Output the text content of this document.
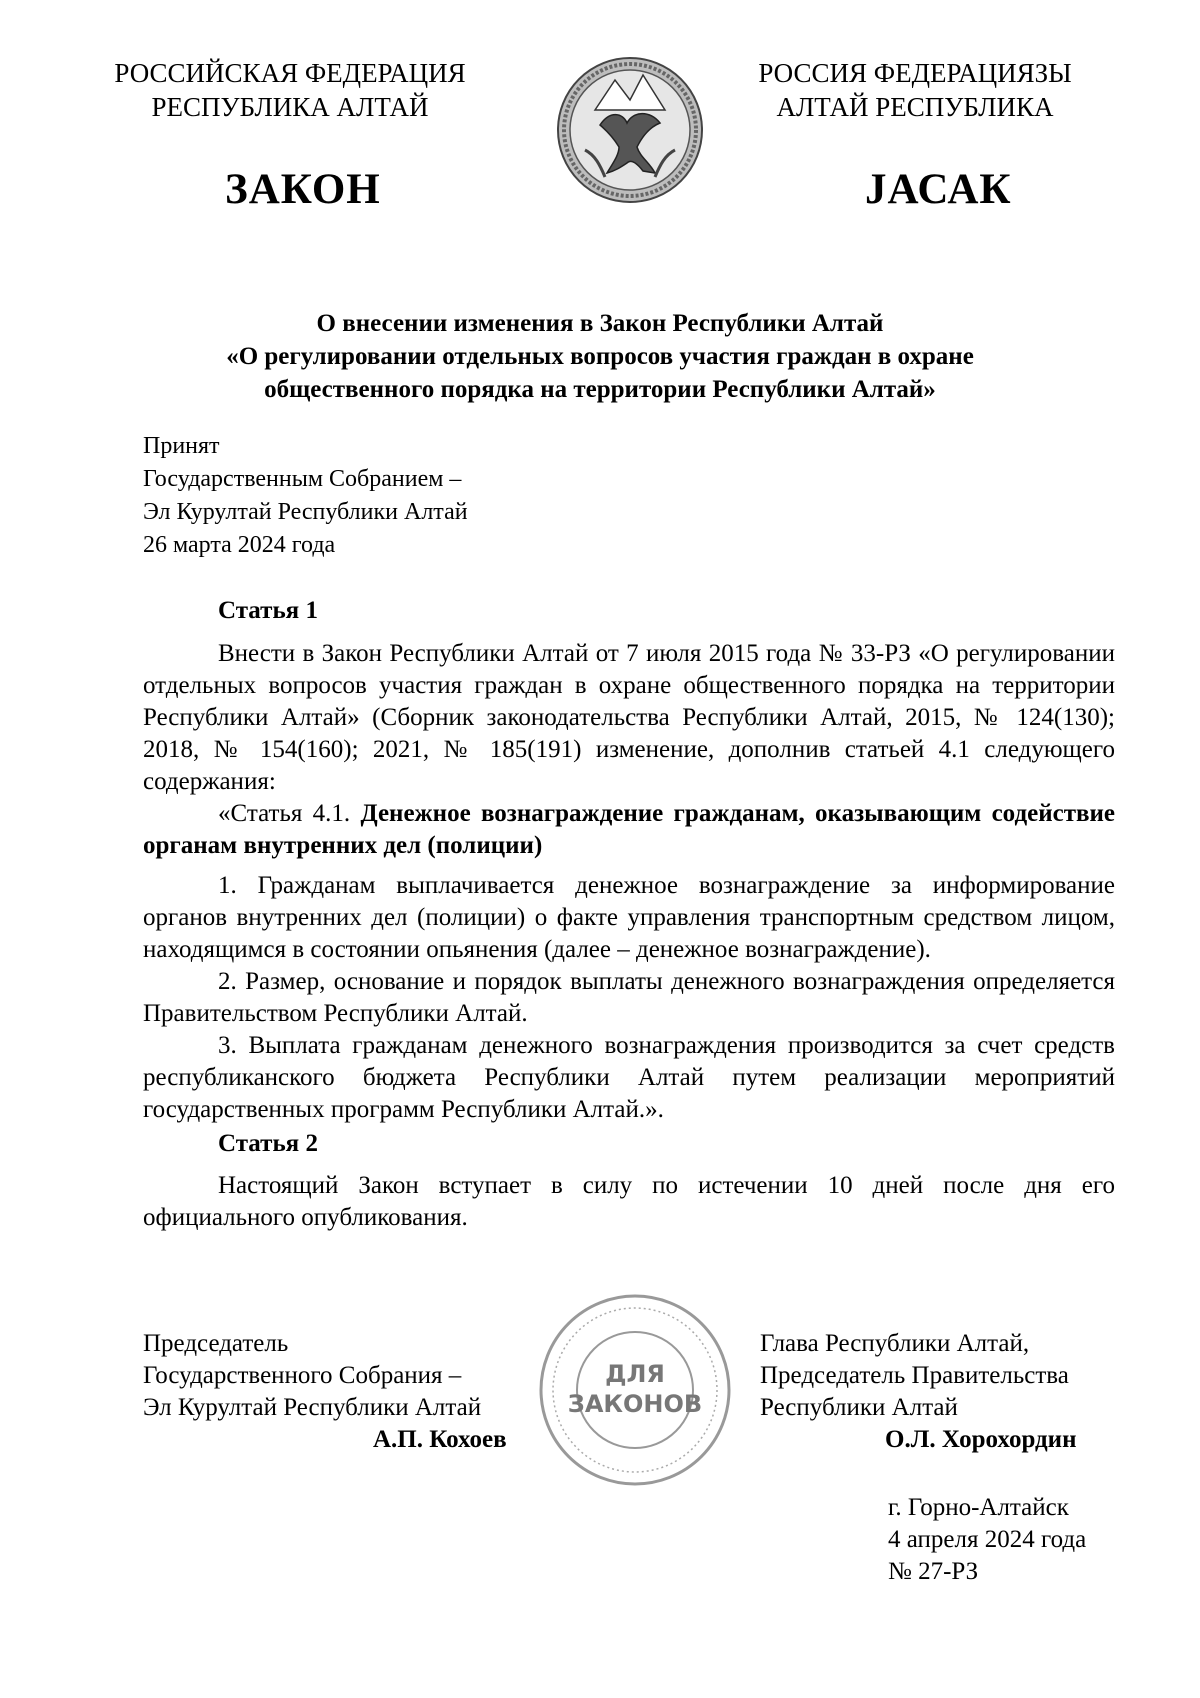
РОССИЙСКАЯ ФЕДЕРАЦИЯ
РЕСПУБЛИКА АЛТАЙ
РОССИЯ ФЕДЕРАЦИЯЗЫ
АЛТАЙ РЕСПУБЛИКА
ЗАКОН	JАСАК
О внесении изменения в Закон Республики Алтай
«О регулировании отдельных вопросов участия граждан в охране
общественного порядка на территории Республики Алтай»
Принят
Государственным Собранием –
Эл Курултай Республики Алтай
26 марта 2024 года
Статья 1
Внести в Закон Республики Алтай от 7 июля 2015 года № 33-РЗ «О регулировании отдельных вопросов участия граждан в охране общественного порядка на территории Республики Алтай» (Сборник законодательства Республики Алтай, 2015, № 124(130); 2018, № 154(160); 2021, № 185(191) изменение, дополнив статьей 4.1 следующего содержания:
«Статья 4.1. Денежное вознаграждение гражданам, оказывающим содействие органам внутренних дел (полиции)
1. Гражданам выплачивается денежное вознаграждение за информирование органов внутренних дел (полиции) о факте управления транспортным средством лицом, находящимся в состоянии опьянения (далее – денежное вознаграждение).
2. Размер, основание и порядок выплаты денежного вознаграждения определяется Правительством Республики Алтай.
3. Выплата гражданам денежного вознаграждения производится за счет средств республиканского бюджета Республики Алтай путем реализации мероприятий государственных программ Республики Алтай.».
Статья 2
Настоящий Закон вступает в силу по истечении 10 дней после дня его официального опубликования.
Председатель
Государственного Собрания –
Эл Курултай Республики Алтай
А.П. Кохоев
ДЛЯ
ЗАКОНОВ
Глава Республики Алтай,
Председатель Правительства
Республики Алтай
О.Л. Хорохордин
г. Горно-Алтайск
4 апреля 2024 года
№ 27-РЗ
